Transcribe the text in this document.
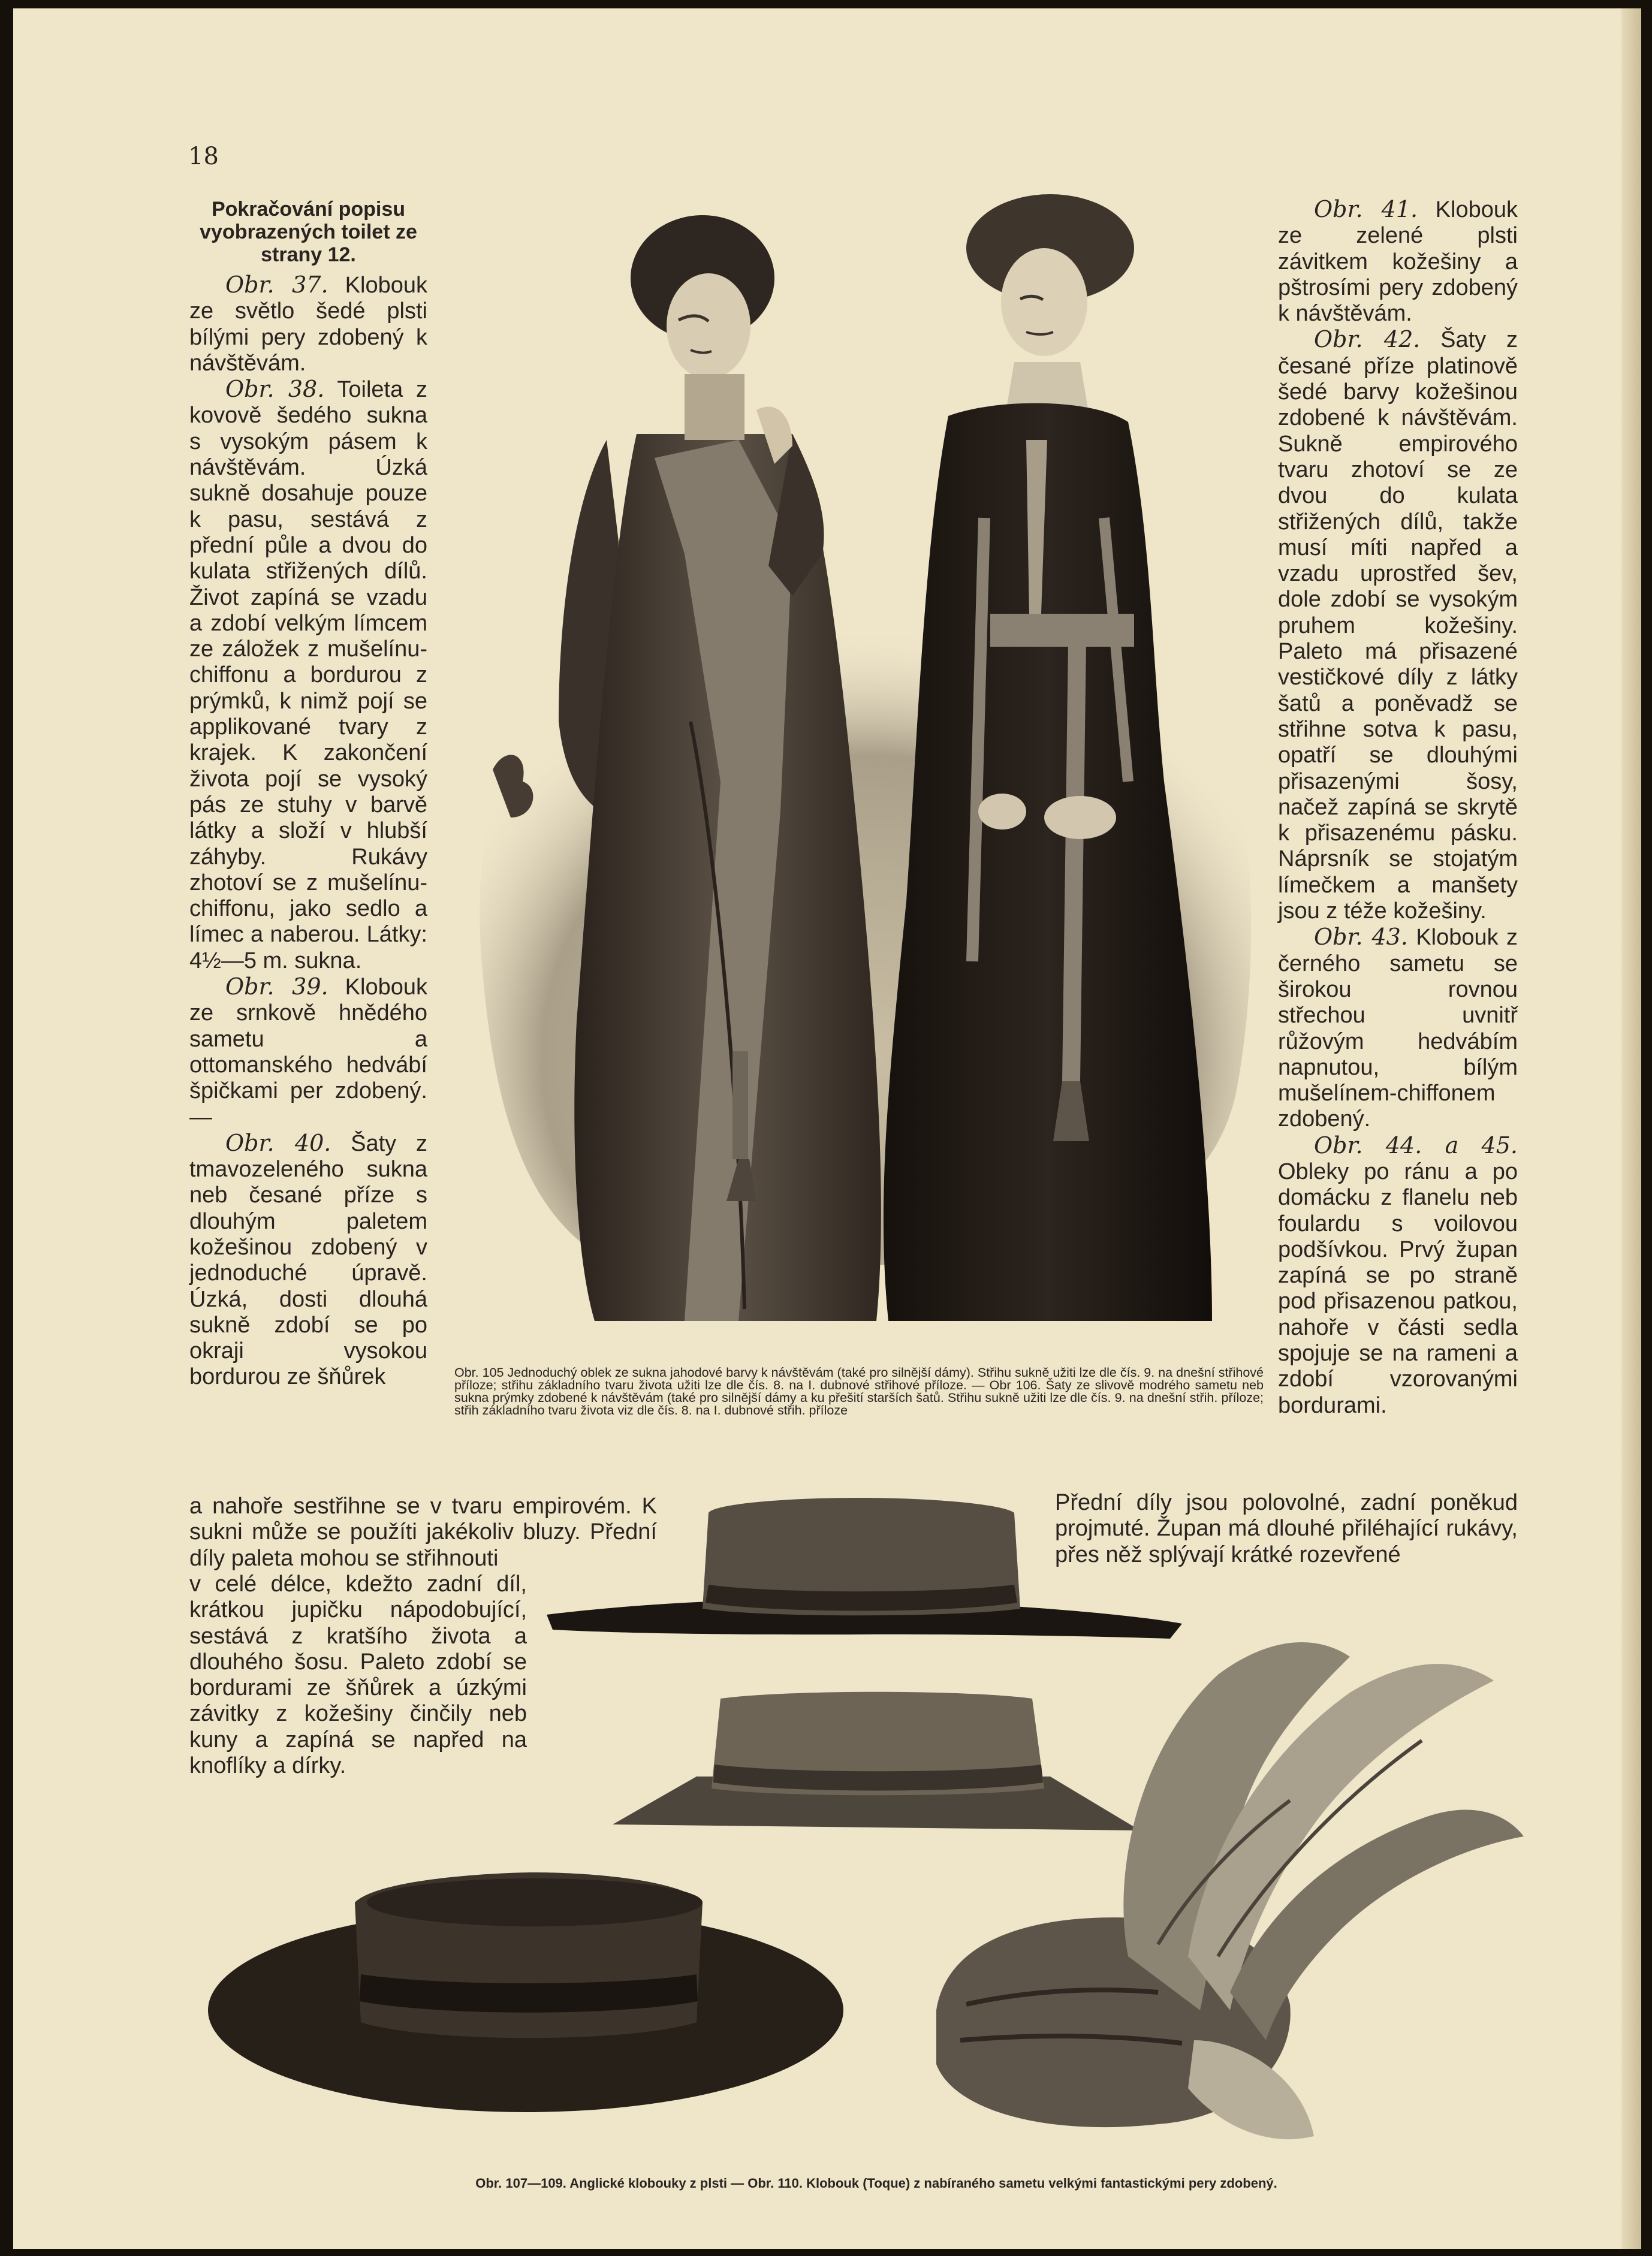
18

Pokračování popisu vyobrazených toilet ze strany 12.

Obr. 37. Klobouk ze světlo šedé plsti bílými pery zdobený k návštěvám.

Obr. 38. Toileta z kovově šedého sukna s vysokým pásem k návštěvám. Úzká sukně dosahuje pouze k pasu, sestává z přední půle a dvou do kulata střižených dílů. Život zapíná se vzadu a zdobí velkým límcem ze záložek z mušelínu-chiffonu a bordurou z prýmků, k nimž pojí se applikované tvary z krajek. K zakončení života pojí se vysoký pás ze stuhy v barvě látky a složí v hlubší záhyby. Rukávy zhotoví se z mušelínu-chiffonu, jako sedlo a límec a naberou. Látky: 4½—5 m. sukna.

Obr. 39. Klobouk ze srnkově hnědého sametu a ottomanského hedvábí špičkami per zdobený. —

Obr. 40. Šaty z tmavozeleného sukna neb česané příze s dlouhým paletem kožešinou zdobený v jednoduché úpravě. Úzká, dosti dlouhá sukně zdobí se po okraji vysokou bordurou ze šňůrek

a nahoře sestřihne se v tvaru empirovém. K sukni může se použíti jakékoliv bluzy. Přední díly paleta mohou se střihnouti

v celé délce, kdežto zadní díl, krátkou jupičku nápodobující, sestává z kratšího života a dlouhého šosu. Paleto zdobí se bordurami ze šňůrek a úzkými závitky z kožešiny činčily neb kuny a zapíná se napřed na knoflíky a dírky.

Obr. 41. Klobouk ze zelené plsti závitkem kožešiny a pštrosími pery zdobený k návštěvám.

Obr. 42. Šaty z česané příze platinově šedé barvy kožešinou zdobené k návštěvám. Sukně empirového tvaru zhotoví se ze dvou do kulata střižených dílů, takže musí míti napřed a vzadu uprostřed šev, dole zdobí se vysokým pruhem kožešiny. Paleto má přisazené vestičkové díly z látky šatů a poněvadž se střihne sotva k pasu, opatří se dlouhými přisazenými šosy, načež zapíná se skrytě k přisazenému pásku. Náprsník se stojatým límečkem a manšety jsou z téže kožešiny.

Obr. 43. Klobouk z černého sametu se širokou rovnou střechou uvnitř růžovým hedvábím napnutou, bílým mušelínem-chiffonem zdobený.

Obr. 44. a 45. Obleky po ránu a po domácku z flanelu neb foulardu s voilovou podšívkou. Prvý župan zapíná se po straně pod přisazenou patkou, nahoře v části sedla spojuje se na rameni a zdobí vzorovanými bordurami.

Přední díly jsou polovolné, zadní poněkud projmuté. Župan má dlouhé přiléhající rukávy, přes něž splývají krátké rozevřené

Obr. 105 Jednoduchý oblek ze sukna jahodové barvy k návštěvám (také pro silnější dámy). Střihu sukně užiti lze dle čís. 9. na dnešní střihové příloze; střihu základního tvaru života užiti lze dle čís. 8. na I. dubnové střihové příloze. — Obr 106. Šaty ze slivově modrého sametu neb sukna prýmky zdobené k návštěvám (také pro silnější dámy a ku přešití starších šatů. Střihu sukně užiti lze dle čís. 9. na dnešní střih. příloze; střih základního tvaru života viz dle čís. 8. na I. dubnové střih. příloze
Obr. 107—109. Anglické klobouky z plsti — Obr. 110. Klobouk (Toque) z nabíraného sametu velkými fantastickými pery zdobený.
